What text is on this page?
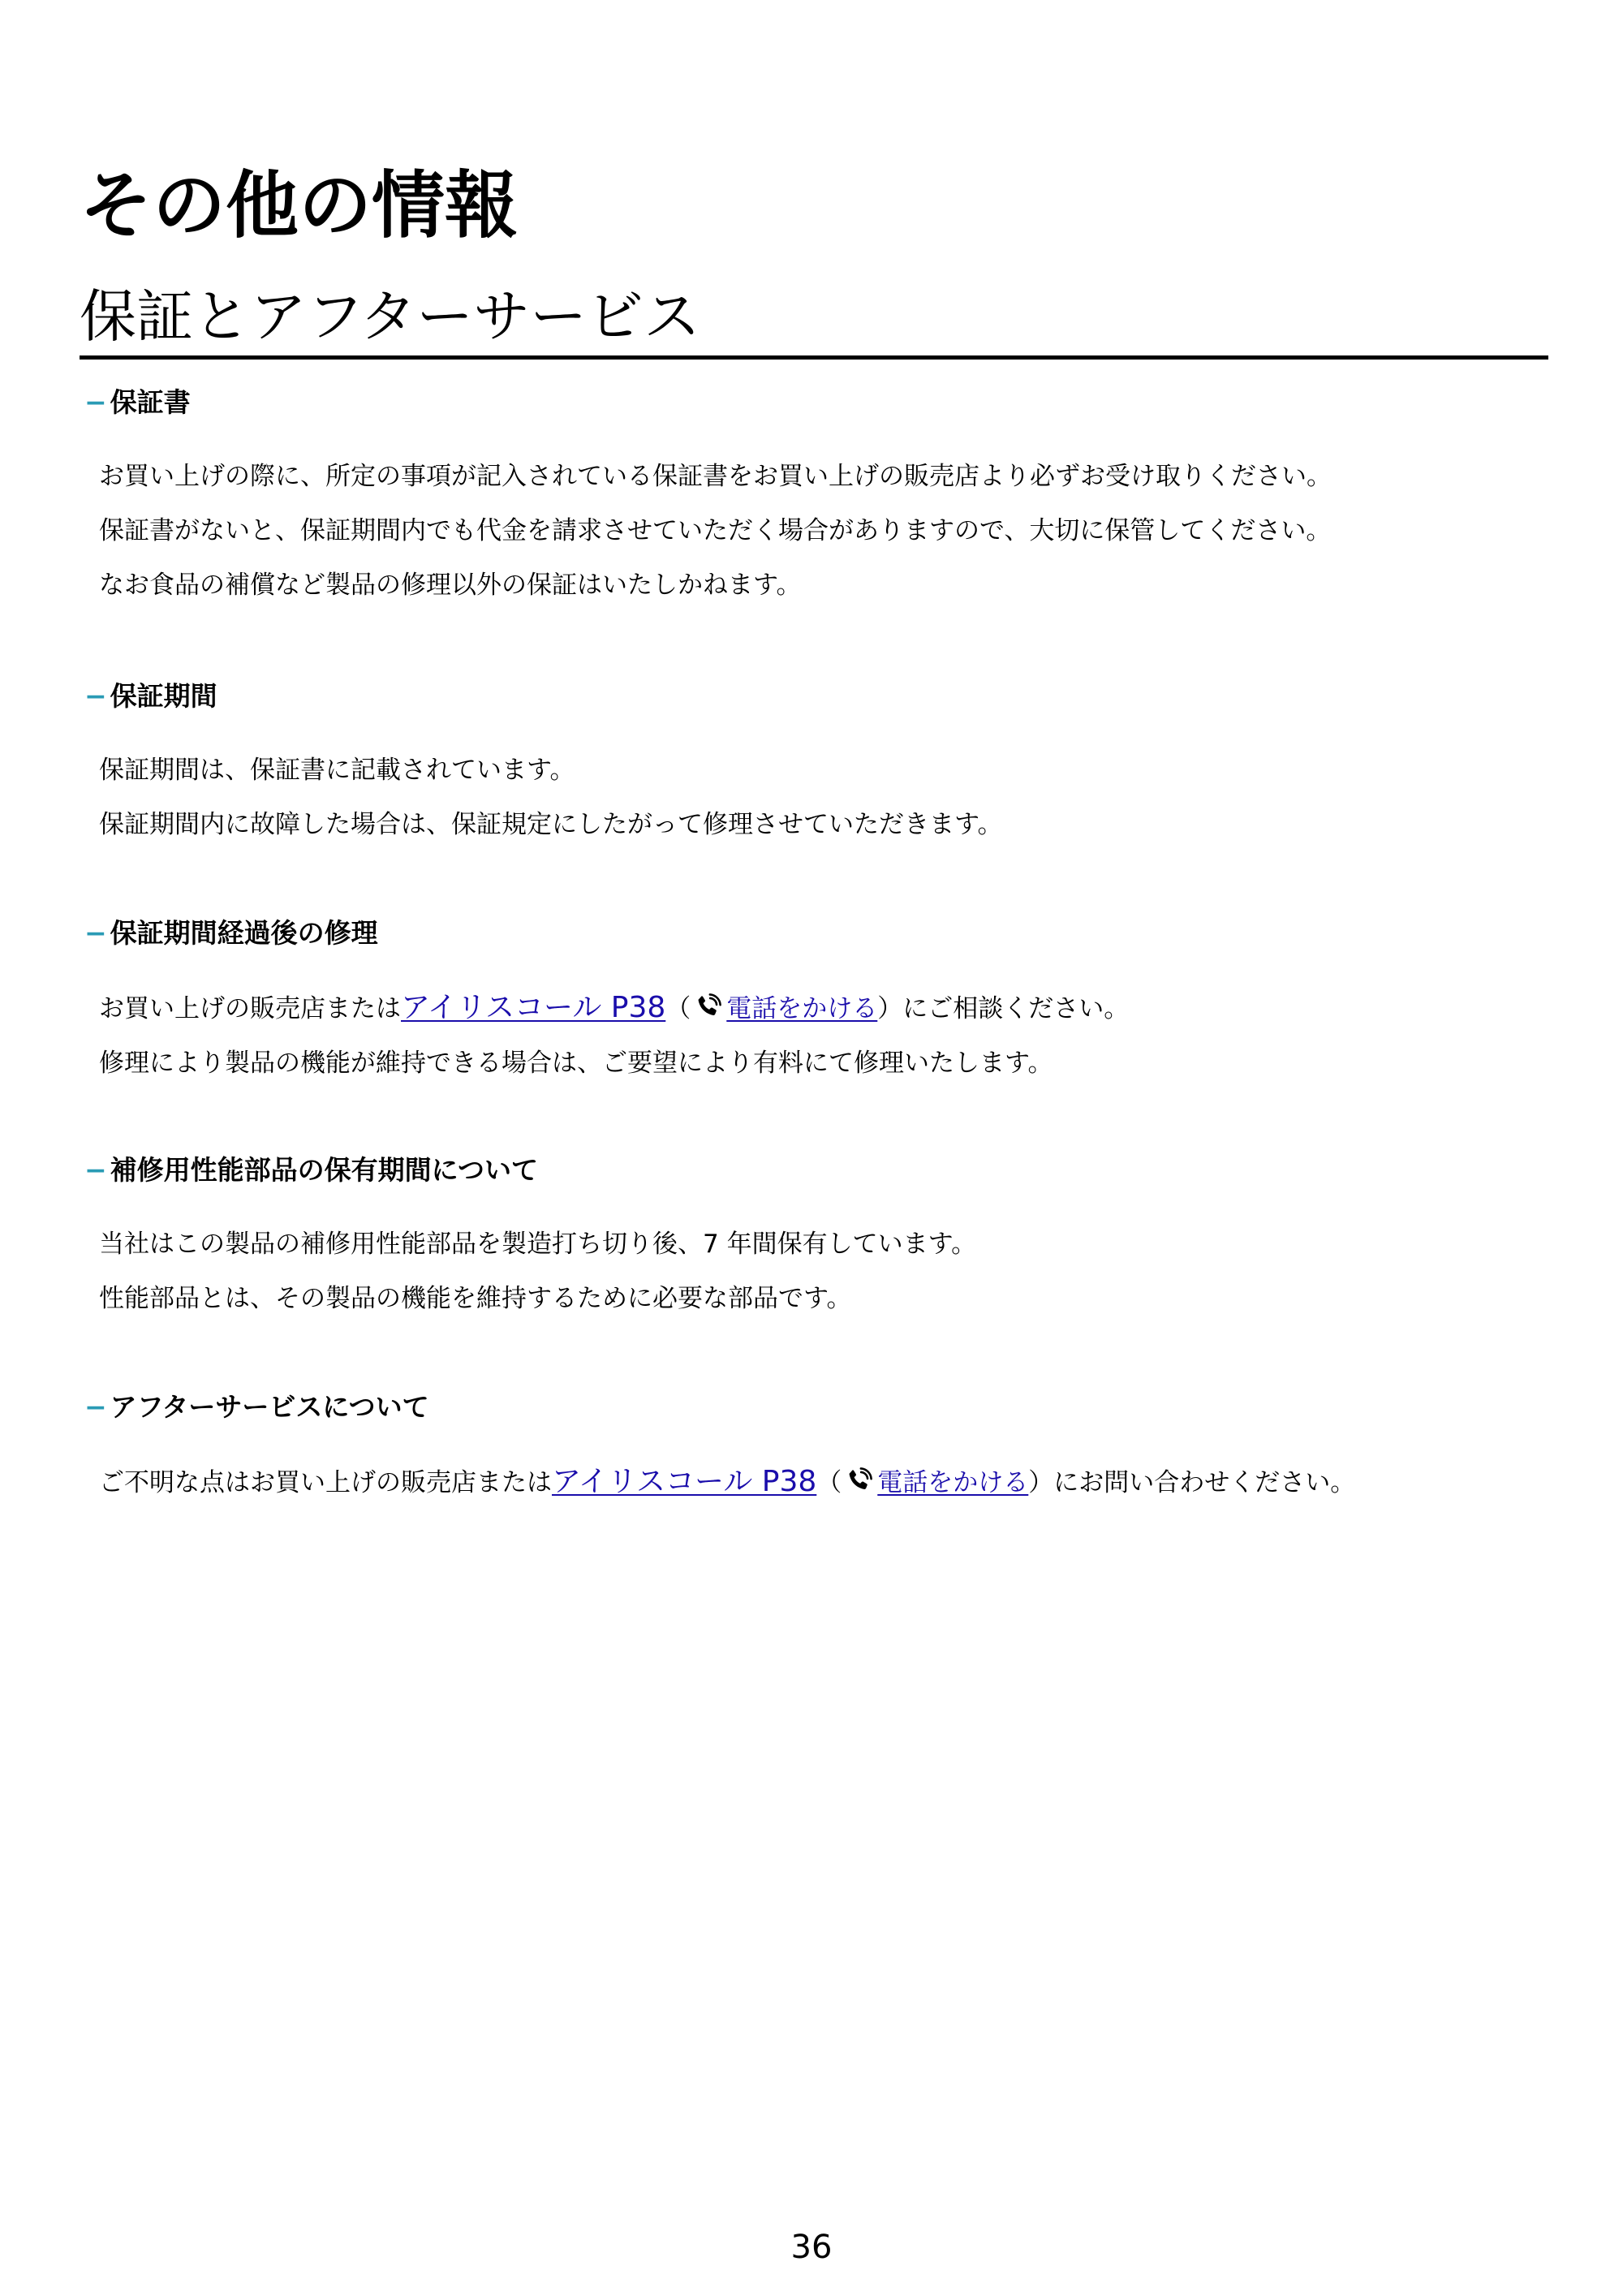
その他の情報
保証とアフターサービス
− 保証書
お買い上げの際に、所定の事項が記入されている保証書をお買い上げの販売店より必ずお受け取りください。
保証書がないと、保証期間内でも代金を請求させていただく場合がありますので、大切に保管してください。
なお食品の補償など製品の修理以外の保証はいたしかねます。
− 保証期間
保証期間は、保証書に記載されています。
保証期間内に故障した場合は、保証規定にしたがって修理させていただきます。
− 保証期間経過後の修理
お買い上げの販売店またはアイリスコール P38（ 電話をかける）にご相談ください。
修理により製品の機能が維持できる場合は、ご要望により有料にて修理いたします。
− 補修用性能部品の保有期間について
当社はこの製品の補修用性能部品を製造打ち切り後、7 年間保有しています。
性能部品とは、その製品の機能を維持するために必要な部品です。
− アフターサービスについて
ご不明な点はお買い上げの販売店またはアイリスコール P38（ 電話をかける）にお問い合わせください。
36
